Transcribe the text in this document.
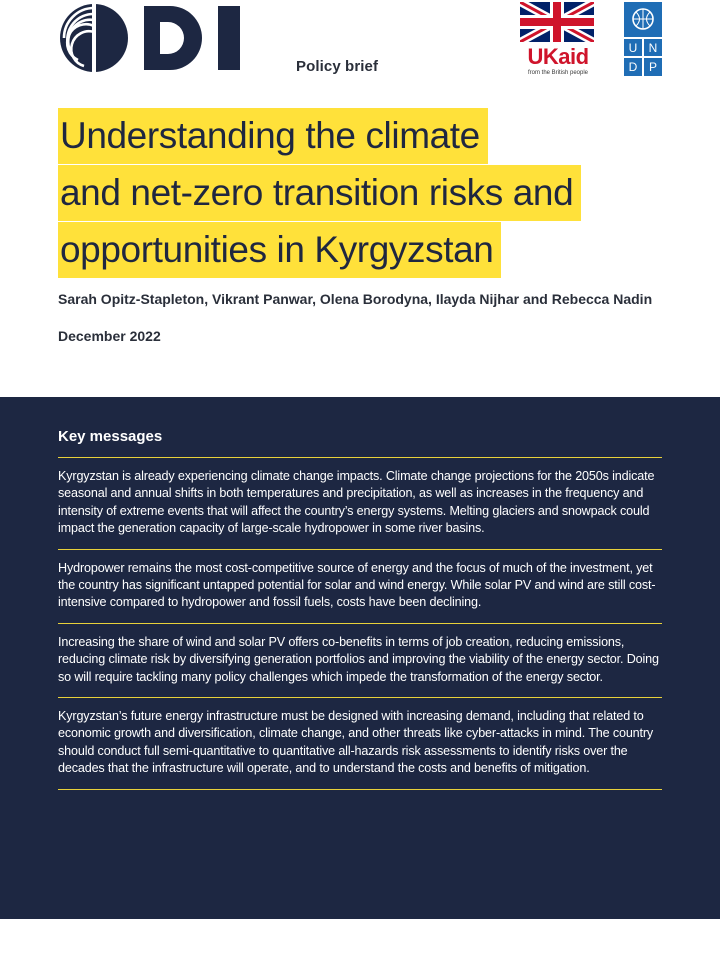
ODI
Policy brief	UKaid
from the British people
U N
D P
Understanding the climate
and net-zero transition risks and
opportunities in Kyrgyzstan
Sarah Opitz-Stapleton, Vikrant Panwar, Olena Borodyna, Ilayda Nijhar and Rebecca Nadin
December 2022
Key messages
Kyrgyzstan is already experiencing climate change impacts. Climate change projections for the 2050s indicate seasonal and annual shifts in both temperatures and precipitation, as well as increases in the frequency and intensity of extreme events that will affect the country’s energy systems. Melting glaciers and snowpack could impact the generation capacity of large-scale hydropower in some river basins.
Hydropower remains the most cost-competitive source of energy and the focus of much of the investment, yet the country has significant untapped potential for solar and wind energy. While solar PV and wind are still cost-intensive compared to hydropower and fossil fuels, costs have been declining.
Increasing the share of wind and solar PV offers co-benefits in terms of job creation, reducing emissions, reducing climate risk by diversifying generation portfolios and improving the viability of the energy sector. Doing so will require tackling many policy challenges which impede the transformation of the energy sector.
Kyrgyzstan’s future energy infrastructure must be designed with increasing demand, including that related to economic growth and diversification, climate change, and other threats like cyber-attacks in mind. The country should conduct full semi-quantitative to quantitative all-hazards risk assessments to identify risks over the decades that the infrastructure will operate, and to understand the costs and benefits of mitigation.
